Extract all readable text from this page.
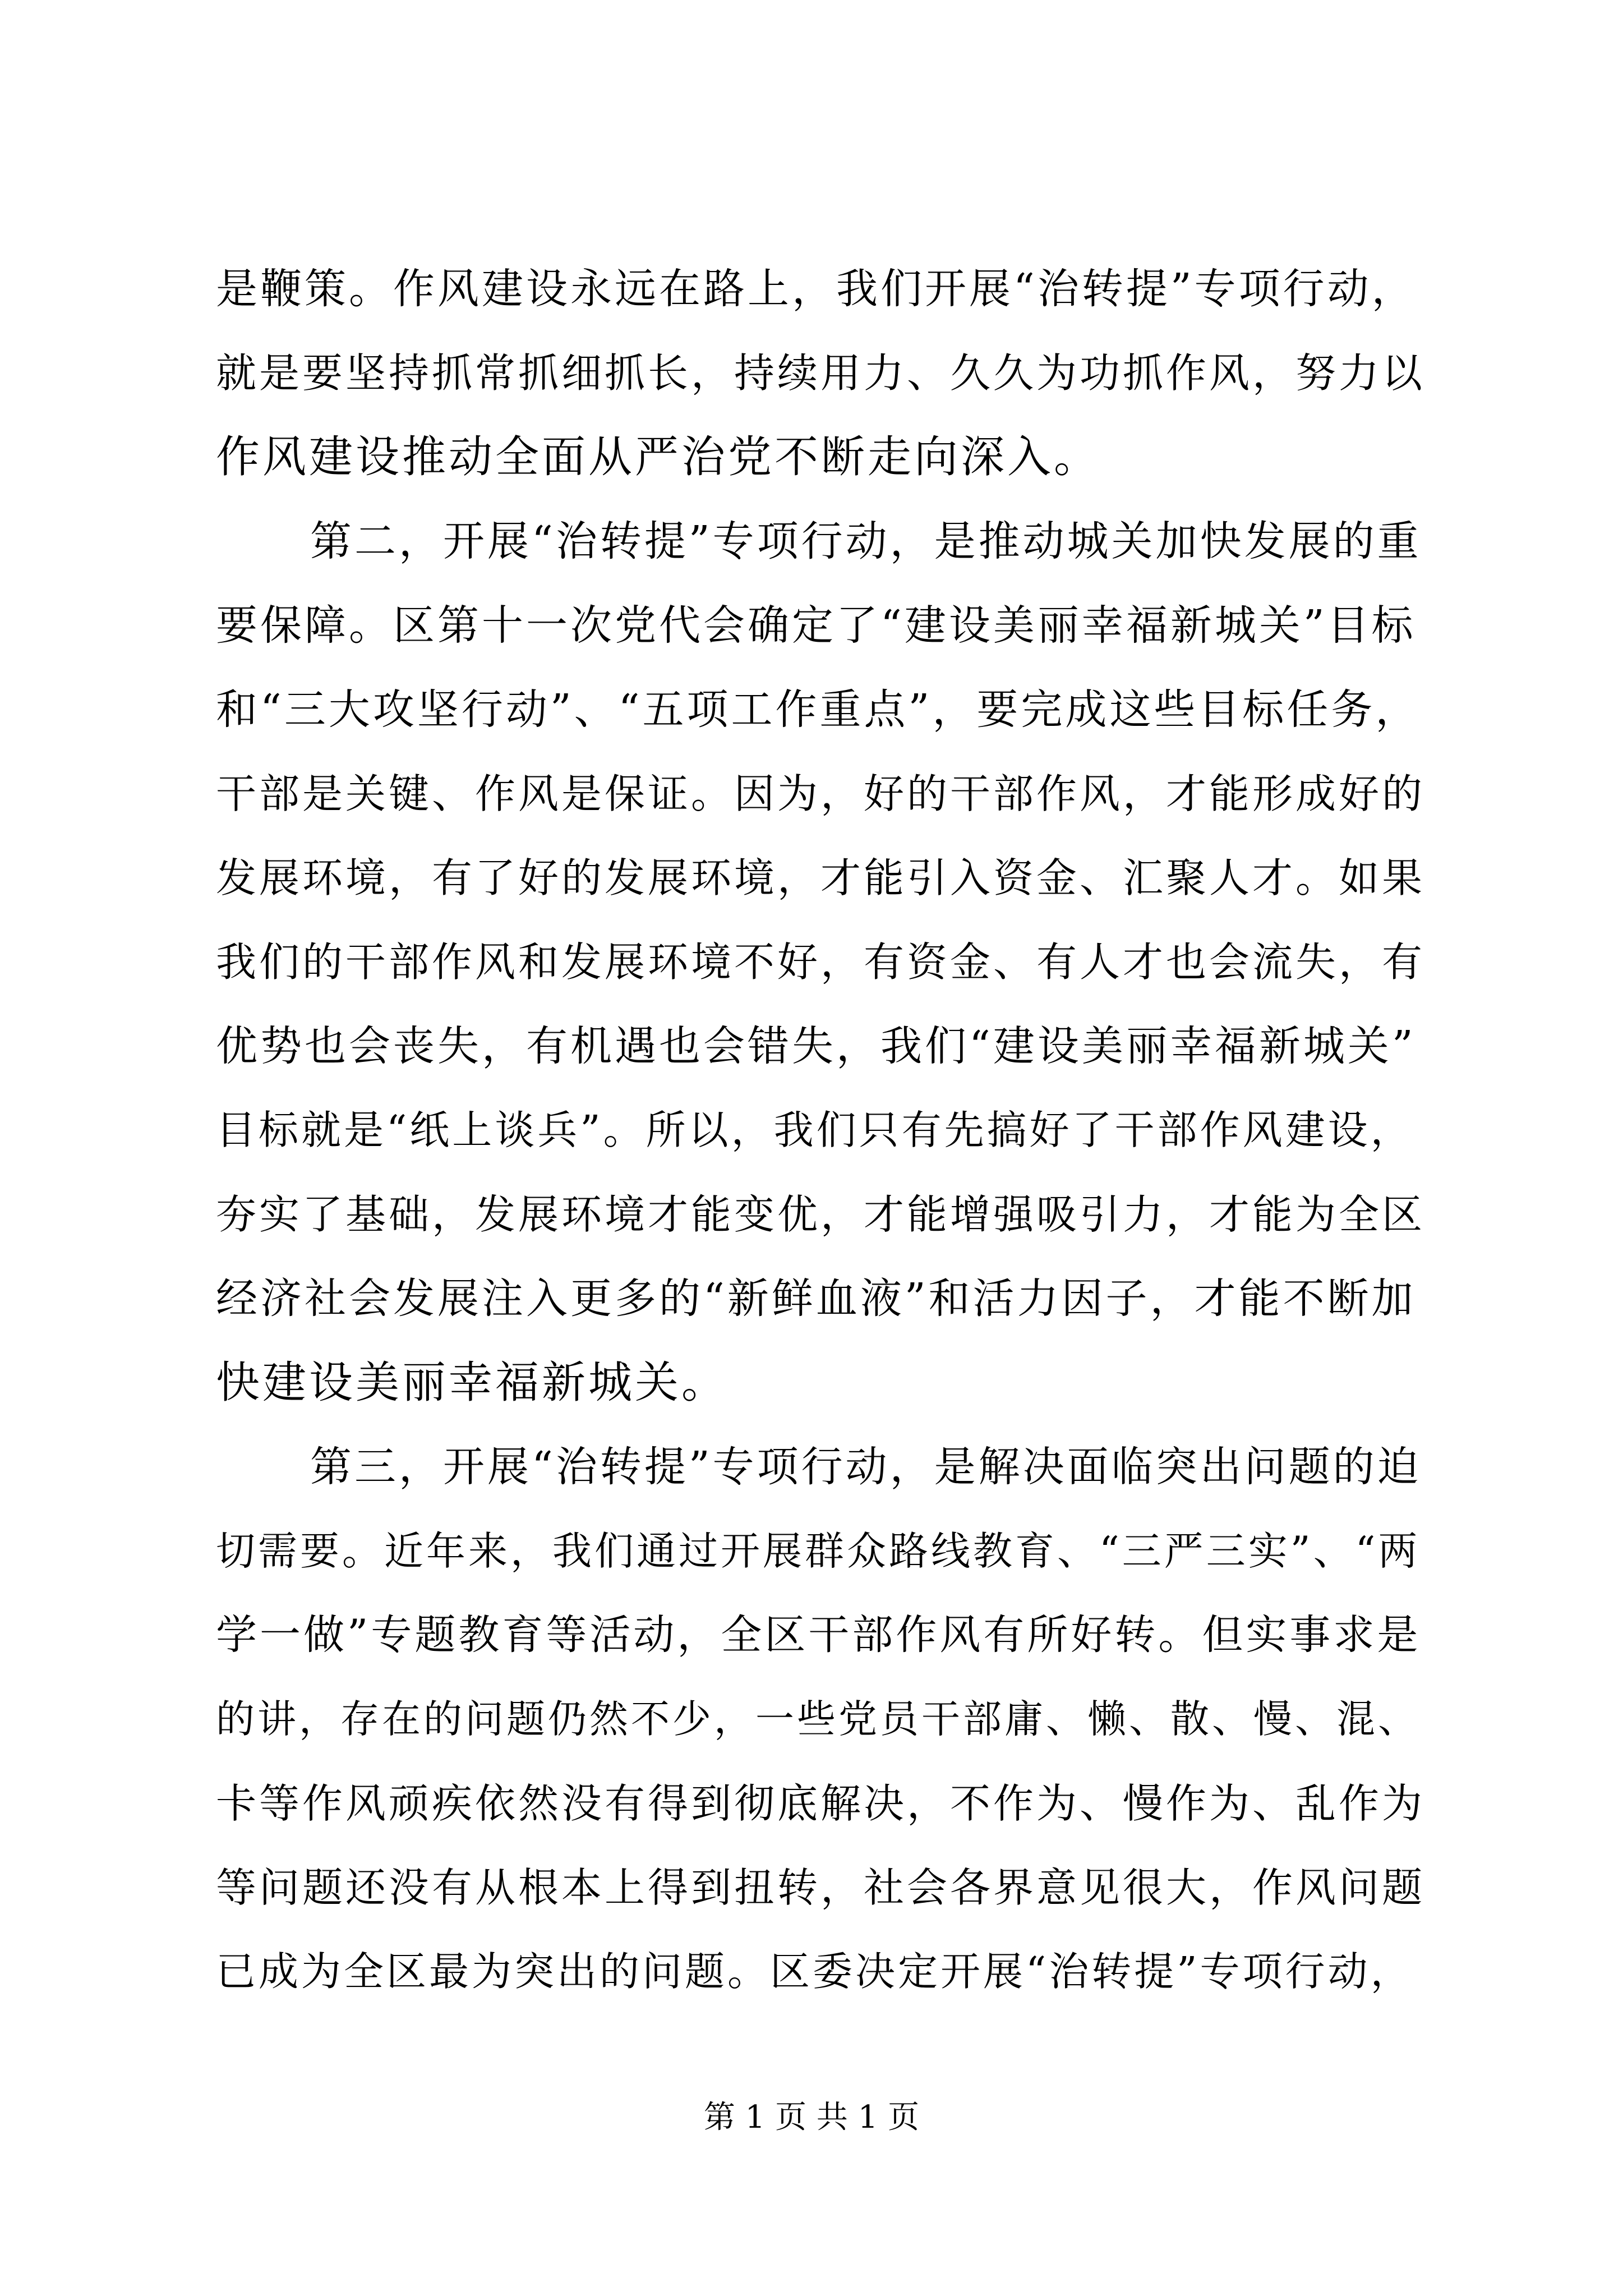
是鞭策。作风建设永远在路上，我们开展“治转提”专项行动，
就是要坚持抓常抓细抓长，持续用力、久久为功抓作风，努力以
作风建设推动全面从严治党不断走向深入。
第二，开展“治转提”专项行动，是推动城关加快发展的重
要保障。区第十一次党代会确定了“建设美丽幸福新城关”目标
和“三大攻坚行动”、“五项工作重点”，要完成这些目标任务，
干部是关键、作风是保证。因为，好的干部作风，才能形成好的
发展环境，有了好的发展环境，才能引入资金、汇聚人才。如果
我们的干部作风和发展环境不好，有资金、有人才也会流失，有
优势也会丧失，有机遇也会错失，我们“建设美丽幸福新城关”
目标就是“纸上谈兵”。所以，我们只有先搞好了干部作风建设，
夯实了基础，发展环境才能变优，才能增强吸引力，才能为全区
经济社会发展注入更多的“新鲜血液”和活力因子，才能不断加
快建设美丽幸福新城关。
第三，开展“治转提”专项行动，是解决面临突出问题的迫
切需要。近年来，我们通过开展群众路线教育、“三严三实”、“两
学一做”专题教育等活动，全区干部作风有所好转。但实事求是
的讲，存在的问题仍然不少，一些党员干部庸、懒、散、慢、混、
卡等作风顽疾依然没有得到彻底解决，不作为、慢作为、乱作为
等问题还没有从根本上得到扭转，社会各界意见很大，作风问题
已成为全区最为突出的问题。区委决定开展“治转提”专项行动，
第 1 页 共 1 页
